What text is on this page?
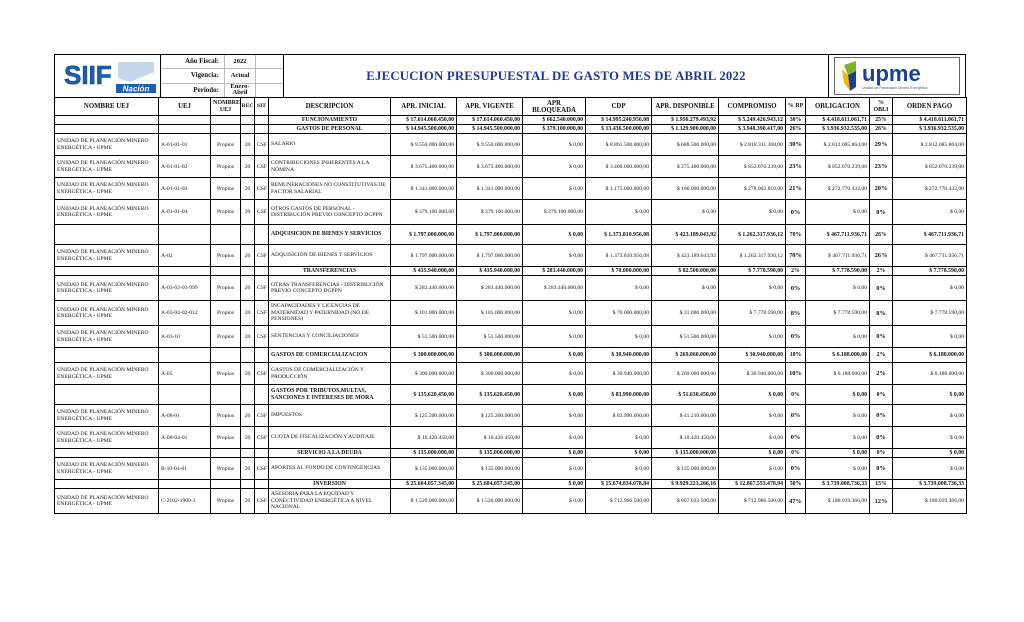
SIIF Nación
Año Fiscal:	2022
Vigencia:	Actual
Periodo:	Enero-Abril
EJECUCION PRESUPUESTAL DE GASTO MES DE ABRIL 2022	upme
Unidad de Planeación Minero Energética
NOMBRE UEJ	UEJ	NOMBRE UEJ	REC	SIT	DESCRIPCION	APR. INICIAL	APR. VIGENTE	APR BLOQUEADA	CDP	APR. DISPONIBLE	COMPROMISO	% RP	OBLIGACION	% OBLI	ORDEN PAGO
					FUNCIONAMIENTO	$ 17.614.060.450,00	$ 17.614.060.450,00	$ 662.540.000,00	$ 14.995.240.956,08	$ 1.956.279.493,92	$ 5.249.426.943,12	30%	$ 4.418.611.061,71	25%	$ 4.418.611.061,71
					GASTOS DE PERSONAL	$ 14.945.500.000,00	$ 14.945.500.000,00	$ 379.100.000,00	$ 13.436.500.000,00	$ 1.129.900.000,00	$ 3.948.390.417,00	26%	$ 3.936.932.535,00	26%	$ 3.936.932.535,00
UNIDAD DE PLANEACIÓN MINERO ENERGÉTICA - UPME	A-01-01-01	Propios	20	CSF	SALARIO	$ 9.550.000.000,00	$ 9.550.000.000,00	$ 0,00	$ 8.861.500.000,00	$ 688.500.000,00	$ 2.818.311.368,00	30%	$ 2.812.085.864,00	29%	$ 2.812.085.864,00
UNIDAD DE PLANEACIÓN MINERO ENERGÉTICA - UPME	A-01-01-02	Propios	20	CSF	CONTRIBUCIONES INHERENTES A LA NÓMINA	$ 3.675.400.000,00	$ 3.675.400.000,00	$ 0,00	$ 3.400.000.000,00	$ 275.400.000,00	$ 852.076.239,00	23%	$ 852.076.239,00	23%	$ 852.076.239,00
UNIDAD DE PLANEACIÓN MINERO ENERGÉTICA - UPME	A-01-01-03	Propios	20	CSF	REMUNERACIONES NO CONSTITUTIVAS DE FACTOR SALARIAL	$ 1.341.000.000,00	$ 1.341.000.000,00	$ 0,00	$ 1.175.000.000,00	$ 166.000.000,00	$ 278.002.810,00	21%	$ 272.770.432,00	20%	$ 272.770.432,00
UNIDAD DE PLANEACIÓN MINERO ENERGÉTICA - UPME	A-01-01-04	Propios	20	CSF	OTROS GASTOS DE PERSONAL - DISTRIBUCIÓN PREVIO CONCEPTO DGPPN	$ 379.100.000,00	$ 379.100.000,00	$ 379.100.000,00	$ 0,00	$ 0,00	$ 0,00	0%	$ 0,00	0%	$ 0,00
					ADQUISICION DE BIENES Y SERVICIOS	$ 1.797.000.000,00	$ 1.797.000.000,00	$ 0,00	$ 1.373.810.956,08	$ 423.189.043,92	$ 1.262.317.936,12	70%	$ 467.711.936,71	26%	$ 467.711.936,71
UNIDAD DE PLANEACIÓN MINERO ENERGÉTICA - UPME	A-02	Propios	20	CSF	ADQUISICIÓN DE BIENES Y SERVICIOS	$ 1.797.000.000,00	$ 1.797.000.000,00	$ 0,00	$ 1.373.810.956,08	$ 423.189.043,92	$ 1.262.317.936,12	70%	$ 467.711.936,71	26%	$ 467.711.936,71
					TRANSFERENCIAS	$ 435.940.000,00	$ 435.940.000,00	$ 283.440.000,00	$ 70.000.000,00	$ 82.500.000,00	$ 7.778.590,00	2%	$ 7.778.590,00	2%	$ 7.778.590,00
UNIDAD DE PLANEACIÓN MINERO ENERGÉTICA - UPME	A-03-03-01-999	Propios	20	CSF	OTRAS TRANSFERENCIAS - DISTRIBUCIÓN PREVIO CONCEPTO DGPPN	$ 283.440.000,00	$ 283.440.000,00	$ 283.440.000,00	$ 0,00	$ 0,00	$ 0,00	0%	$ 0,00	0%	$ 0,00
UNIDAD DE PLANEACIÓN MINERO ENERGÉTICA - UPME	A-03-04-02-012	Propios	20	CSF	INCAPACIDADES Y LICENCIAS DE MATERNIDAD Y PATERNIDAD (NO DE PENSIONES)	$ 101.000.000,00	$ 101.000.000,00	$ 0,00	$ 70.000.000,00	$ 31.000.000,00	$ 7.778.590,00	8%	$ 7.778.590,00	8%	$ 7.778.590,00
UNIDAD DE PLANEACIÓN MINERO ENERGÉTICA - UPME	A-03-10	Propios	20	CSF	SENTENCIAS Y CONCILIACIONES	$ 51.500.000,00	$ 51.500.000,00	$ 0,00	$ 0,00	$ 51.500.000,00	$ 0,00	0%	$ 0,00	0%	$ 0,00
					GASTOS DE COMERCIALIZACION	$ 300.000.000,00	$ 300.000.000,00	$ 0,00	$ 30.940.000,00	$ 269.060.000,00	$ 30.940.000,00	10%	$ 6.188.000,00	2%	$ 6.188.000,00
UNIDAD DE PLANEACIÓN MINERO ENERGÉTICA - UPME	A-05	Propios	20	CSF	GASTOS DE COMERCIALIZACIÓN Y PRODUCCIÓN	$ 300.000.000,00	$ 300.000.000,00	$ 0,00	$ 30.940.000,00	$ 269.060.000,00	$ 30.940.000,00	10%	$ 6.188.000,00	2%	$ 6.188.000,00
					GASTOS POR TRIBUTOS,MULTAS, SANCIONES E INTERESES DE MORA	$ 135.620.450,00	$ 135.620.450,00	$ 0,00	$ 83.990.000,00	$ 51.630.450,00	$ 0,00	0%	$ 0,00	0%	$ 0,00
UNIDAD DE PLANEACIÓN MINERO ENERGÉTICA - UPME	A-08-01	Propios	20	CSF	IMPUESTOS	$ 125.200.000,00	$ 125.200.000,00	$ 0,00	$ 83.990.000,00	$ 41.210.000,00	$ 0,00	0%	$ 0,00	0%	$ 0,00
UNIDAD DE PLANEACIÓN MINERO ENERGÉTICA - UPME	A-08-04-01	Propios	20	CSF	CUOTA DE FISCALIZACIÓN Y AUDITAJE	$ 10.420.450,00	$ 10.420.450,00	$ 0,00	$ 0,00	$ 10.420.450,00	$ 0,00	0%	$ 0,00	0%	$ 0,00
					SERVICIO A LA DEUDA	$ 135.000.000,00	$ 135.000.000,00	$ 0,00	$ 0,00	$ 135.000.000,00	$ 0,00	0%	$ 0,00	0%	$ 0,00
UNIDAD DE PLANEACIÓN MINERO ENERGÉTICA - UPME	B-10-04-01	Propios	20	CSF	APORTES AL FONDO DE CONTINGENCIAS	$ 135.000.000,00	$ 135.000.000,00	$ 0,00	$ 0,00	$ 135.000.000,00	$ 0,00	0%	$ 0,00	0%	$ 0,00
					INVERSION	$ 25.604.057.345,00	$ 25.604.057.345,00	$ 0,00	$ 15.674.834.078,84	$ 9.929.223.266,16	$ 12.867.553.478,94	50%	$ 3.739.008.736,33	15%	$ 3.739.008.736,33
UNIDAD DE PLANEACIÓN MINERO ENERGÉTICA - UPME	C-2102-1900-3	Propios	20	CSF	ASESORIA PARA LA EQUIDAD Y CONECTIVIDAD ENERGÉTICA A NIVEL NACIONAL	$ 1.520.000.000,00	$ 1.520.000.000,00	$ 0,00	$ 712.966.500,00	$ 807.033.500,00	$ 712.966.500,00	47%	$ 180.019.366,00	12%	$ 180.019.366,00
